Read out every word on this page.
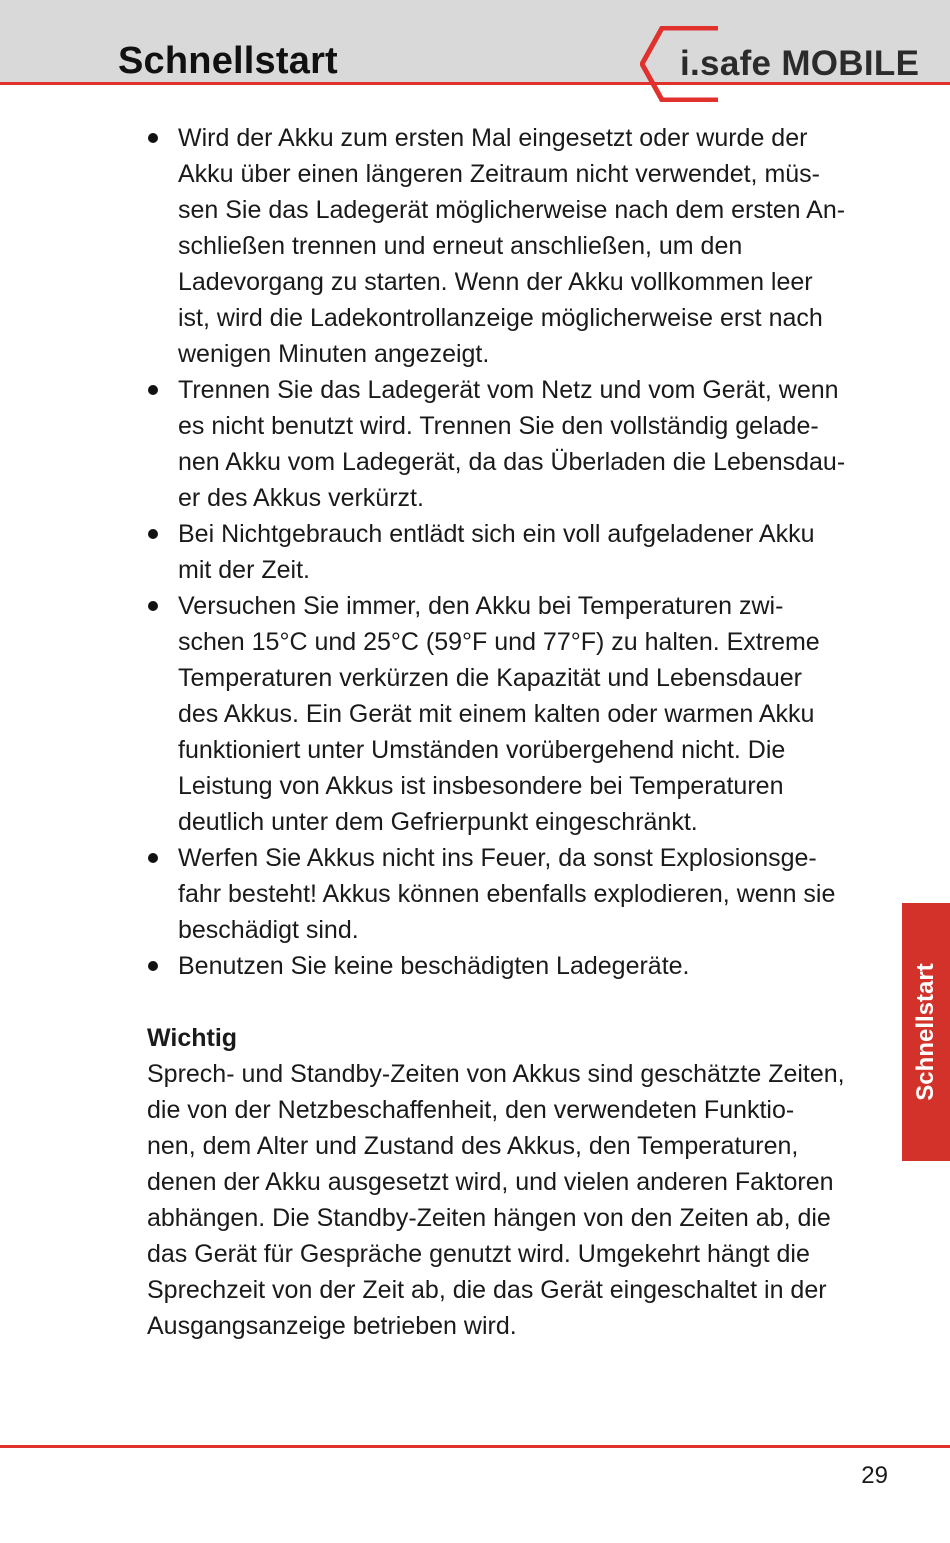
Schnellstart	i.safe MOBILE
Wird der Akku zum ersten Mal eingesetzt oder wurde der
Akku über einen längeren Zeitraum nicht verwendet, müs-
sen Sie das Ladegerät möglicherweise nach dem ersten An-
schließen trennen und erneut anschließen, um den
Ladevorgang zu starten. Wenn der Akku vollkommen leer
ist, wird die Ladekontrollanzeige möglicherweise erst nach
wenigen Minuten angezeigt.
Trennen Sie das Ladegerät vom Netz und vom Gerät, wenn
es nicht benutzt wird. Trennen Sie den vollständig gelade-
nen Akku vom Ladegerät, da das Überladen die Lebensdau-
er des Akkus verkürzt.
Bei Nichtgebrauch entlädt sich ein voll aufgeladener Akku
mit der Zeit.
Versuchen Sie immer, den Akku bei Temperaturen zwi-
schen 15°C und 25°C (59°F und 77°F) zu halten. Extreme
Temperaturen verkürzen die Kapazität und Lebensdauer
des Akkus. Ein Gerät mit einem kalten oder warmen Akku
funktioniert unter Umständen vorübergehend nicht. Die
Leistung von Akkus ist insbesondere bei Temperaturen
deutlich unter dem Gefrierpunkt eingeschränkt.
Werfen Sie Akkus nicht ins Feuer, da sonst Explosionsge-
fahr besteht! Akkus können ebenfalls explodieren, wenn sie
beschädigt sind.
Benutzen Sie keine beschädigten Ladegeräte.
Wichtig
Sprech- und Standby-Zeiten von Akkus sind geschätzte Zeiten,
die von der Netzbeschaffenheit, den verwendeten Funktio-
nen, dem Alter und Zustand des Akkus, den Temperaturen,
denen der Akku ausgesetzt wird, und vielen anderen Faktoren
abhängen. Die Standby-Zeiten hängen von den Zeiten ab, die
das Gerät für Gespräche genutzt wird. Umgekehrt hängt die
Sprechzeit von der Zeit ab, die das Gerät eingeschaltet in der
Ausgangsanzeige betrieben wird.
Schnellstart
29
